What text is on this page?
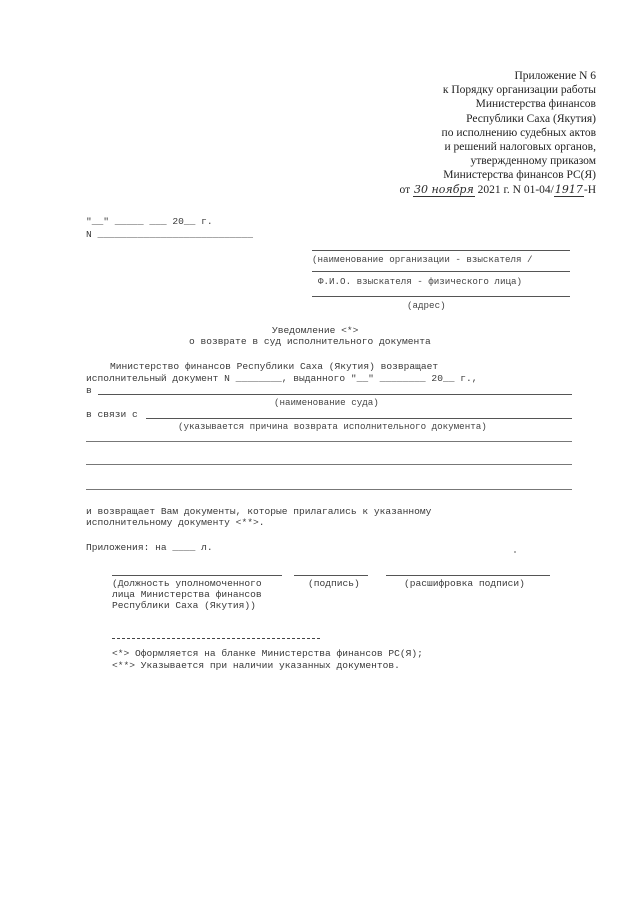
Приложение N 6
к Порядку организации работы
Министерства финансов
Республики Саха (Якутия)
по исполнению судебных актов
и решений налоговых органов,
утвержденному приказом
Министерства финансов РС(Я)
от 30 ноября 2021 г. N 01-04/1917-Н
"__" _____ ___ 20__ г.
N ___________________________
(наименование организации - взыскателя /
Ф.И.О. взыскателя - физического лица)
(адрес)
Уведомление <*>
о возврате в суд исполнительного документа
Министерство финансов Республики Саха (Якутия) возвращает
исполнительный документ N ________, выданного "__" ________ 20__ г.,
в
(наименование суда)
в связи с
(указывается причина возврата исполнительного документа)
и возвращает Вам документы, которые прилагались к указанному
исполнительному документу <**>.
Приложения: на ____ л.
(Должность уполномоченного	(подпись)	(расшифровка подписи)
лица Министерства финансов
Республики Саха (Якутия))
<*> Оформляется на бланке Министерства финансов РС(Я);
<**> Указывается при наличии указанных документов.
